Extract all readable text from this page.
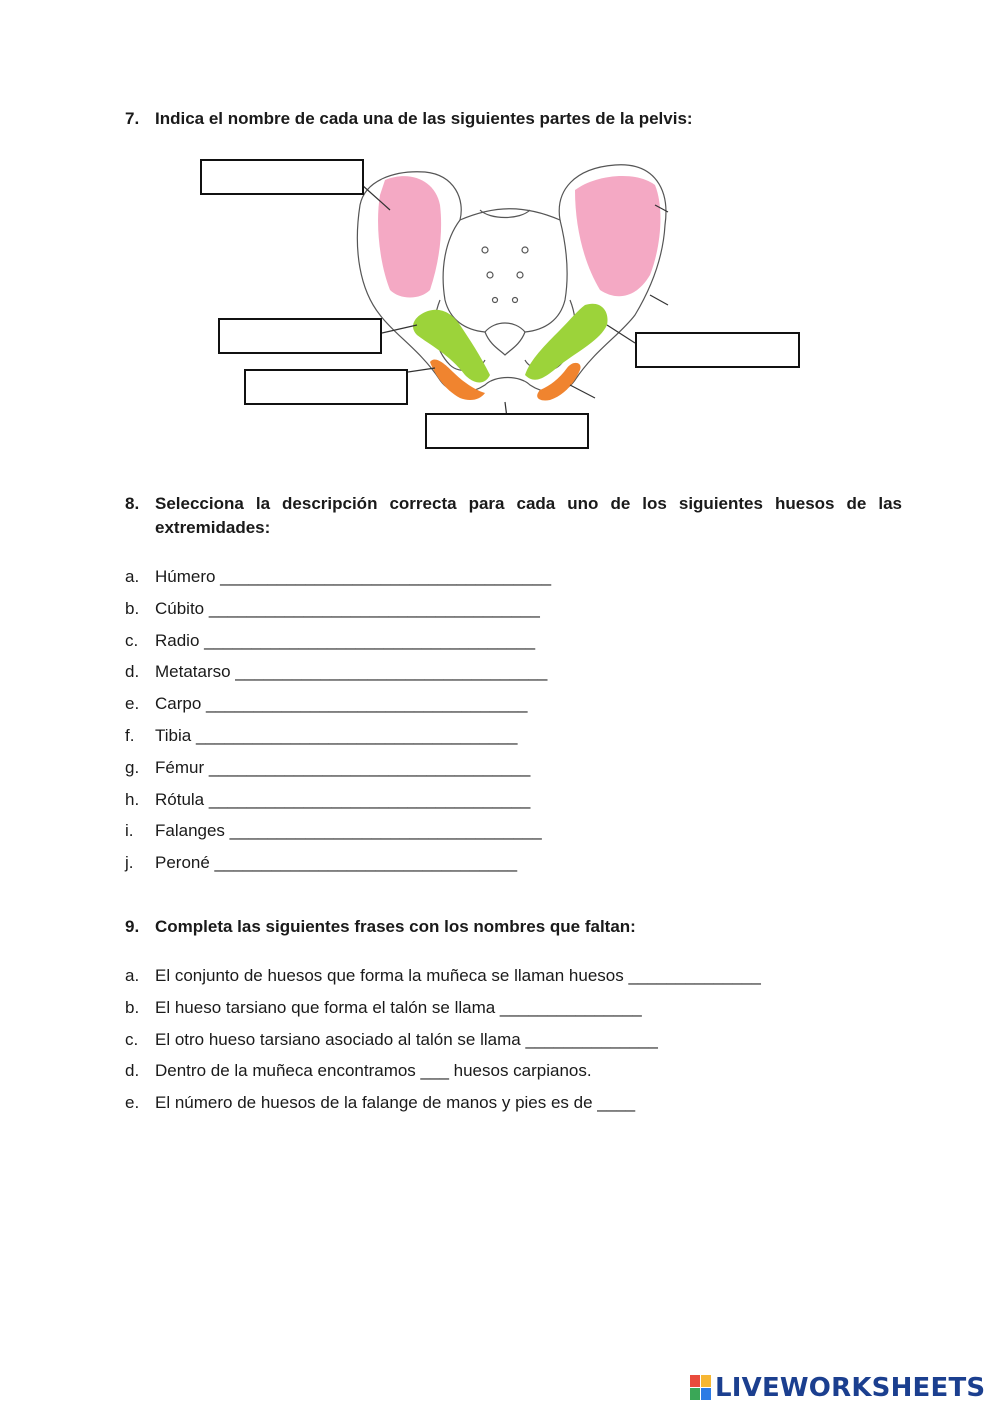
7. Indica el nombre de cada una de las siguientes partes de la pelvis:
8. Selecciona la descripción correcta para cada uno de los siguientes huesos de las extremidades:
a. Húmero ___________________________________
b. Cúbito ___________________________________
c. Radio ___________________________________
d. Metatarso _________________________________
e. Carpo __________________________________
f.	Tibia __________________________________
g. Fémur __________________________________
h. Rótula __________________________________
i.	Falanges _________________________________
j.	Peroné ________________________________
9. Completa las siguientes frases con los nombres que faltan:
a. El conjunto de huesos que forma la muñeca se llaman huesos ______________
b. El hueso tarsiano que forma el talón se llama _______________
c. El otro hueso tarsiano asociado al talón se llama ______________
d. Dentro de la muñeca encontramos ___ huesos carpianos.
e. El número de huesos de la falange de manos y pies es de ____
LIVEWORKSHEETS
